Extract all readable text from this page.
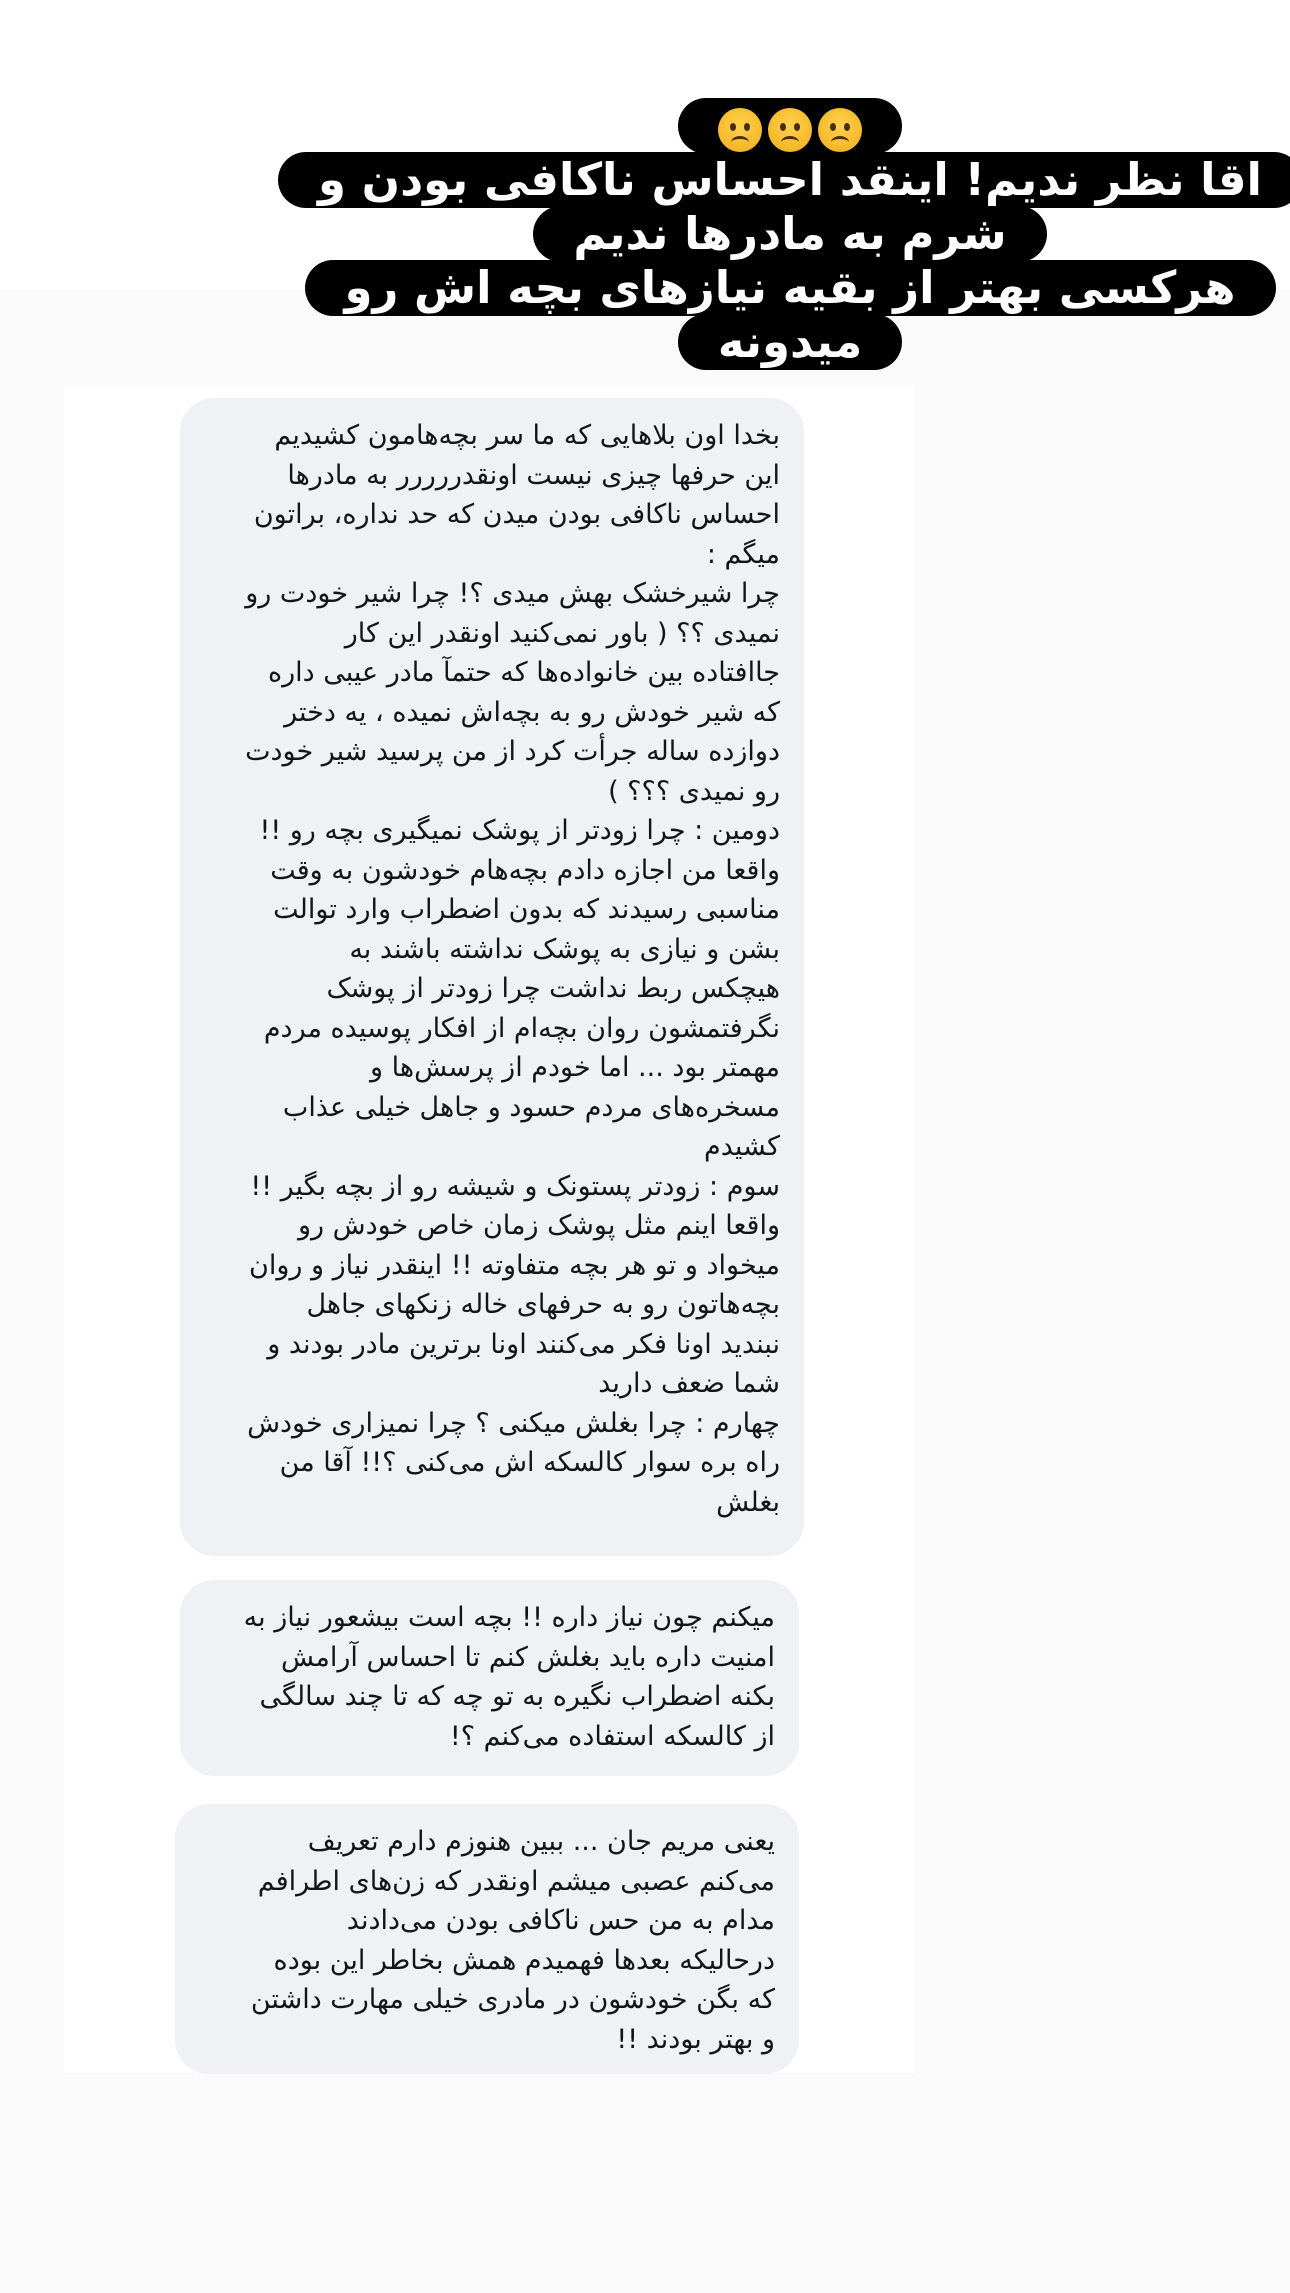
اقا نظر ندیم! اینقد احساس ناکافی بودن و
شرم به مادرها ندیم
هرکسی بهتر از بقیه نیازهای بچه اش رو
میدونه

بخدا اون بلاهایی که ما سر بچه‌هامون کشیدیم
این حرفها چیزی نیست اونقدررررر به مادرها
احساس ناکافی بودن میدن که حد نداره، براتون
میگم :

چرا شیرخشک بهش میدی ؟! چرا شیر خودت رو
نمیدی ؟؟ ( باور نمی‌کنید اونقدر این کار
جاافتاده بین خانواده‌ها که حتمآ مادر عیبی داره
که شیر خودش رو به بچه‌اش نمیده ، یه دختر
دوازده ساله جرأت کرد از من پرسید شیر خودت
رو نمیدی ؟؟؟ )

دومین : چرا زودتر از پوشک نمیگیری بچه رو !!
واقعا من اجازه دادم بچه‌هام خودشون به وقت
مناسبی رسیدند که بدون اضطراب وارد توالت
بشن و نیازی به پوشک نداشته باشند به
هیچکس ربط نداشت چرا زودتر از پوشک
نگرفتمشون روان بچه‌ام از افکار پوسیده مردم
مهمتر بود ... اما خودم از پرسش‌ها و
مسخره‌های مردم حسود و جاهل خیلی عذاب
کشیدم

سوم : زودتر پستونک و شیشه رو از بچه بگیر !!
واقعا اینم مثل پوشک زمان خاص خودش رو
میخواد و تو هر بچه متفاوته !! اینقدر نیاز و روان
بچه‌هاتون رو به حرفهای خاله زنکهای جاهل
نبندید اونا فکر می‌کنند اونا برترین مادر بودند و
شما ضعف دارید

چهارم : چرا بغلش میکنی ؟ چرا نمیزاری خودش
راه بره سوار کالسکه اش می‌کنی ؟!! آقا من
بغلش

میکنم چون نیاز داره !! بچه است بیشعور نیاز به
امنیت داره باید بغلش کنم تا احساس آرامش
بکنه اضطراب نگیره به تو چه که تا چند سالگی
از کالسکه استفاده می‌کنم ؟!

یعنی مریم جان ... ببین هنوزم دارم تعریف
می‌کنم عصبی میشم اونقدر که زن‌های اطرافم
مدام به من حس ناکافی بودن می‌دادند
درحالیکه بعدها فهمیدم همش بخاطر این بوده
که بگن خودشون در مادری خیلی مهارت داشتن
و بهتر بودند !!
